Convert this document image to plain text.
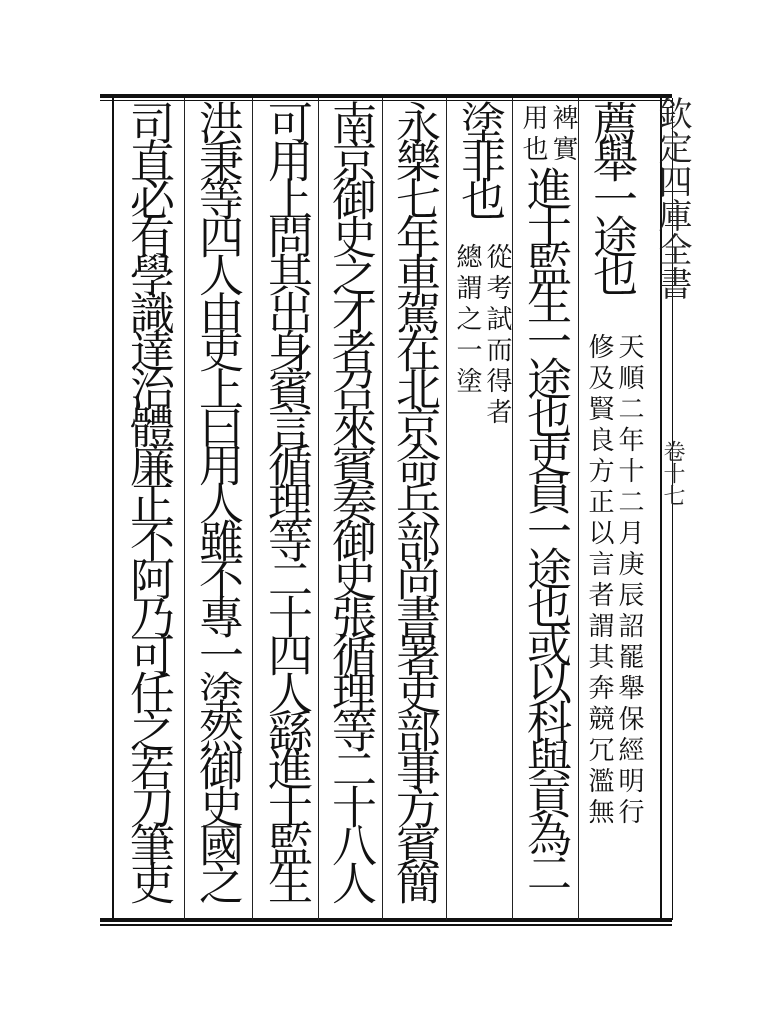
欽定四庫全書
卷十七
薦舉一途也
天順二年十二月庚辰詔罷舉保經明行
修及賢良方正以言者謂其奔競冗濫無
裨實
用也
進士監生一途也吏員一途也或以科與貢為二
塗非也
從考試而得者
總謂之一塗
永樂七年車駕在北京命兵部尚書署吏部事方賓簡
南京御史之才者召來賓奏御史張循理等二十八人
可用上問其出身賓言循理等二十四人繇進士監生
洪秉等四人由吏上曰用人雖不專一塗然御史國之
司直必有學識達治體廉正不阿乃可任之若刀筆吏
